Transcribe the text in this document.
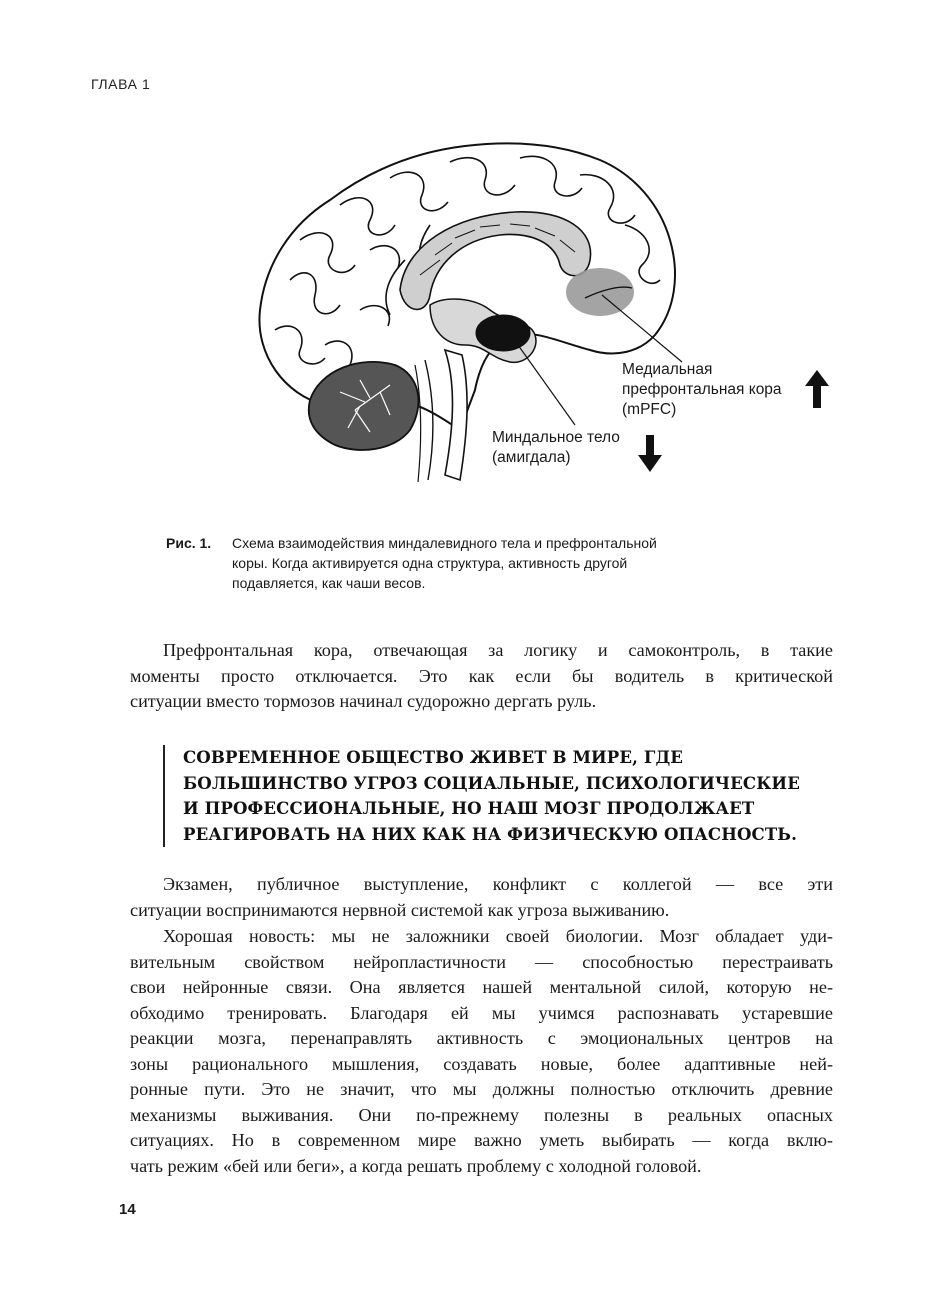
ГЛАВА 1
Медиальная
префронтальная кора
(mPFC)
Миндальное тело
(амигдала)
Рис. 1. Схема взаимодействия миндалевидного тела и префронтальной
коры. Когда активируется одна структура, активность другой
подавляется, как чаши весов.
Префронтальная кора, отвечающая за логику и самоконтроль, в такие
моменты просто отключается. Это как если бы водитель в критической
ситуации вместо тормозов начинал судорожно дергать руль.
СОВРЕМЕННОЕ ОБЩЕСТВО ЖИВЕТ В МИРЕ, ГДЕ
БОЛЬШИНСТВО УГРОЗ СОЦИАЛЬНЫЕ, ПСИХОЛОГИЧЕСКИЕ
И ПРОФЕССИОНАЛЬНЫЕ, НО НАШ МОЗГ ПРОДОЛЖАЕТ
РЕАГИРОВАТЬ НА НИХ КАК НА ФИЗИЧЕСКУЮ ОПАСНОСТЬ.
Экзамен, публичное выступление, конфликт с коллегой — все эти
ситуации воспринимаются нервной системой как угроза выживанию.
Хорошая новость: мы не заложники своей биологии. Мозг обладает уди-
вительным свойством нейропластичности — способностью перестраивать
свои нейронные связи. Она является нашей ментальной силой, которую не-
обходимо тренировать. Благодаря ей мы учимся распознавать устаревшие
реакции мозга, перенаправлять активность с эмоциональных центров на
зоны рационального мышления, создавать новые, более адаптивные ней-
ронные пути. Это не значит, что мы должны полностью отключить древние
механизмы выживания. Они по-прежнему полезны в реальных опасных
ситуациях. Но в современном мире важно уметь выбирать — когда вклю-
чать режим «бей или беги», а когда решать проблему с холодной головой.
14
